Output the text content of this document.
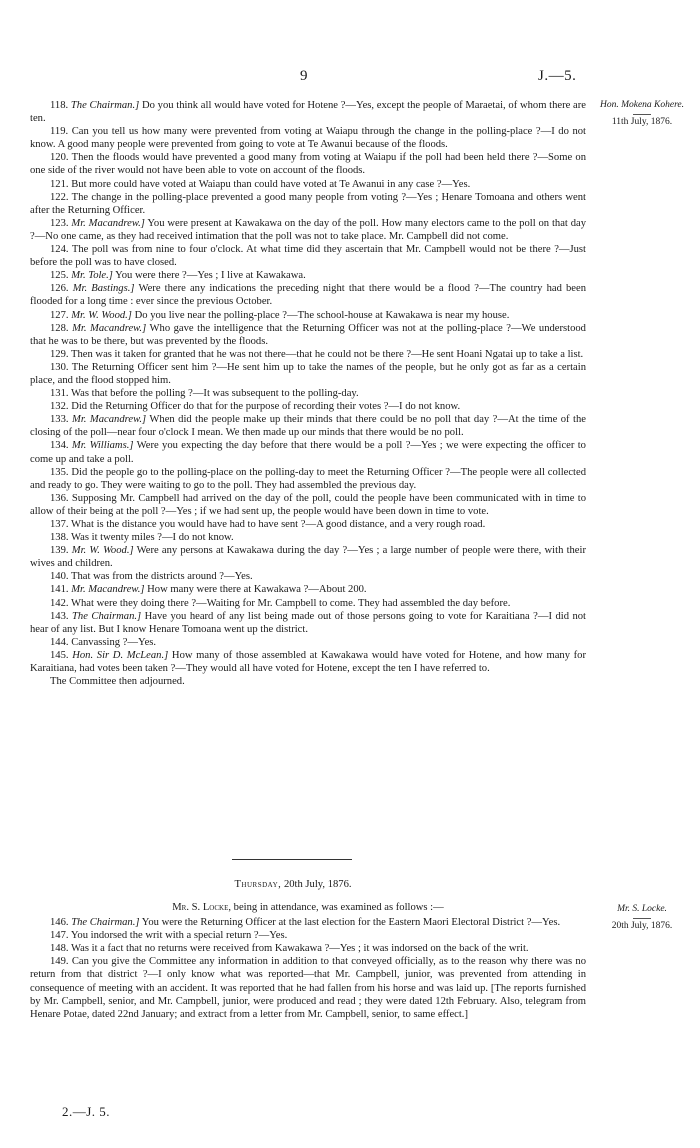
9	J.—5.
Hon. Mokena Kohere.
11th July, 1876.
Mr. S. Locke.
20th July, 1876.

118. The Chairman.] Do you think all would have voted for Hotene ?—Yes, except the people of Maraetai, of whom there are ten.

119. Can you tell us how many were prevented from voting at Waiapu through the change in the polling-place ?—I do not know. A good many people were prevented from going to vote at Te Awanui because of the floods.

120. Then the floods would have prevented a good many from voting at Waiapu if the poll had been held there ?—Some on one side of the river would not have been able to vote on account of the floods.

121. But more could have voted at Waiapu than could have voted at Te Awanui in any case ?—Yes.

122. The change in the polling-place prevented a good many people from voting ?—Yes ; Henare Tomoana and others went after the Returning Officer.

123. Mr. Macandrew.] You were present at Kawakawa on the day of the poll. How many electors came to the poll on that day ?—No one came, as they had received intimation that the poll was not to take place. Mr. Campbell did not come.

124. The poll was from nine to four o'clock. At what time did they ascertain that Mr. Campbell would not be there ?—Just before the poll was to have closed.

125. Mr. Tole.] You were there ?—Yes ; I live at Kawakawa.

126. Mr. Bastings.] Were there any indications the preceding night that there would be a flood ?—The country had been flooded for a long time : ever since the previous October.

127. Mr. W. Wood.] Do you live near the polling-place ?—The school-house at Kawakawa is near my house.

128. Mr. Macandrew.] Who gave the intelligence that the Returning Officer was not at the polling-place ?—We understood that he was to be there, but was prevented by the floods.

129. Then was it taken for granted that he was not there—that he could not be there ?—He sent Hoani Ngatai up to take a list.

130. The Returning Officer sent him ?—He sent him up to take the names of the people, but he only got as far as a certain place, and the flood stopped him.

131. Was that before the polling ?—It was subsequent to the polling-day.

132. Did the Returning Officer do that for the purpose of recording their votes ?—I do not know.

133. Mr. Macandrew.] When did the people make up their minds that there could be no poll that day ?—At the time of the closing of the poll—near four o'clock I mean. We then made up our minds that there would be no poll.

134. Mr. Williams.] Were you expecting the day before that there would be a poll ?—Yes ; we were expecting the officer to come up and take a poll.

135. Did the people go to the polling-place on the polling-day to meet the Returning Officer ?—The people were all collected and ready to go. They were waiting to go to the poll. They had assembled the previous day.

136. Supposing Mr. Campbell had arrived on the day of the poll, could the people have been communicated with in time to allow of their being at the poll ?—Yes ; if we had sent up, the people would have been down in time to vote.

137. What is the distance you would have had to have sent ?—A good distance, and a very rough road.

138. Was it twenty miles ?—I do not know.

139. Mr. W. Wood.] Were any persons at Kawakawa during the day ?—Yes ; a large number of people were there, with their wives and children.

140. That was from the districts around ?—Yes.

141. Mr. Macandrew.] How many were there at Kawakawa ?—About 200.

142. What were they doing there ?—Waiting for Mr. Campbell to come. They had assembled the day before.

143. The Chairman.] Have you heard of any list being made out of those persons going to vote for Karaitiana ?—I did not hear of any list. But I know Henare Tomoana went up the district.

144. Canvassing ?—Yes.

145. Hon. Sir D. McLean.] How many of those assembled at Kawakawa would have voted for Hotene, and how many for Karaitiana, had votes been taken ?—They would all have voted for Hotene, except the ten I have referred to.

The Committee then adjourned.

Thursday, 20th July, 1876.

Mr. S. Locke, being in attendance, was examined as follows :—

146. The Chairman.] You were the Returning Officer at the last election for the Eastern Maori Electoral District ?—Yes.

147. You indorsed the writ with a special return ?—Yes.

148. Was it a fact that no returns were received from Kawakawa ?—Yes ; it was indorsed on the back of the writ.

149. Can you give the Committee any information in addition to that conveyed officially, as to the reason why there was no return from that district ?—I only know what was reported—that Mr. Campbell, junior, was prevented from attending in consequence of meeting with an accident. It was reported that he had fallen from his horse and was laid up. [The reports furnished by Mr. Campbell, senior, and Mr. Campbell, junior, were produced and read ; they were dated 12th February. Also, telegram from Henare Potae, dated 22nd January; and extract from a letter from Mr. Campbell, senior, to same effect.]

2.—J. 5.
